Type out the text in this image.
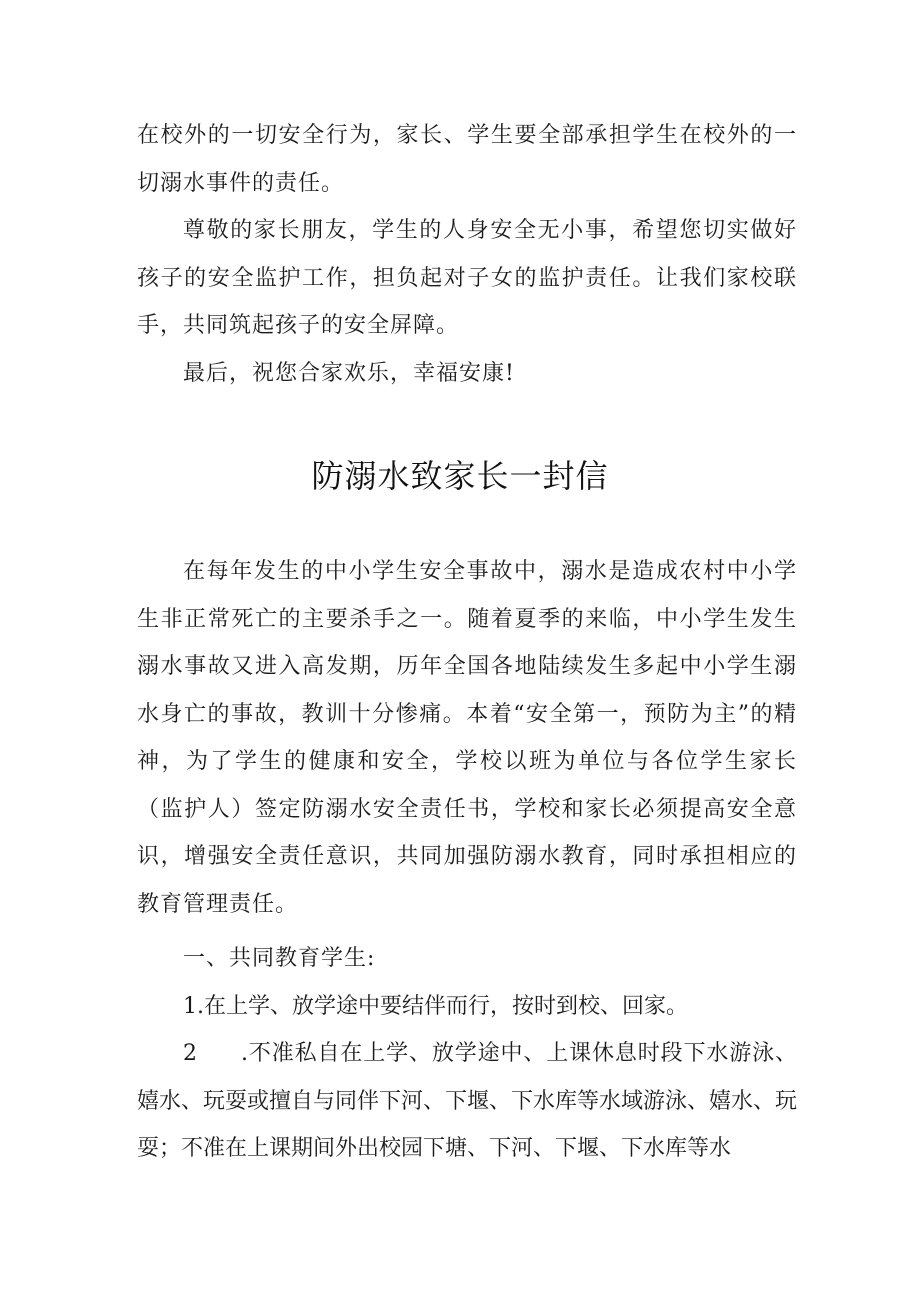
在校外的一切安全行为，家长、学生要全部承担学生在校外的一切溺水事件的责任。

尊敬的家长朋友，学生的人身安全无小事，希望您切实做好孩子的安全监护工作，担负起对子女的监护责任。让我们家校联手，共同筑起孩子的安全屏障。

最后，祝您合家欢乐，幸福安康!

防溺水致家长一封信

在每年发生的中小学生安全事故中，溺水是造成农村中小学生非正常死亡的主要杀手之一。随着夏季的来临，中小学生发生溺水事故又进入高发期，历年全国各地陆续发生多起中小学生溺水身亡的事故，教训十分惨痛。本着“安全第一，预防为主”的精神，为了学生的健康和安全，学校以班为单位与各位学生家长（监护人）签定防溺水安全责任书，学校和家长必须提高安全意识，增强安全责任意识，共同加强防溺水教育，同时承担相应的教育管理责任。

一、共同教育学生:

1.在上学、放学途中要结伴而行，按时到校、回家。

2  .不准私自在上学、放学途中、上课休息时段下水游泳、嬉水、玩耍或擅自与同伴下河、下堰、下水库等水域游泳、嬉水、玩耍；不准在上课期间外出校园下塘、下河、下堰、下水库等水
